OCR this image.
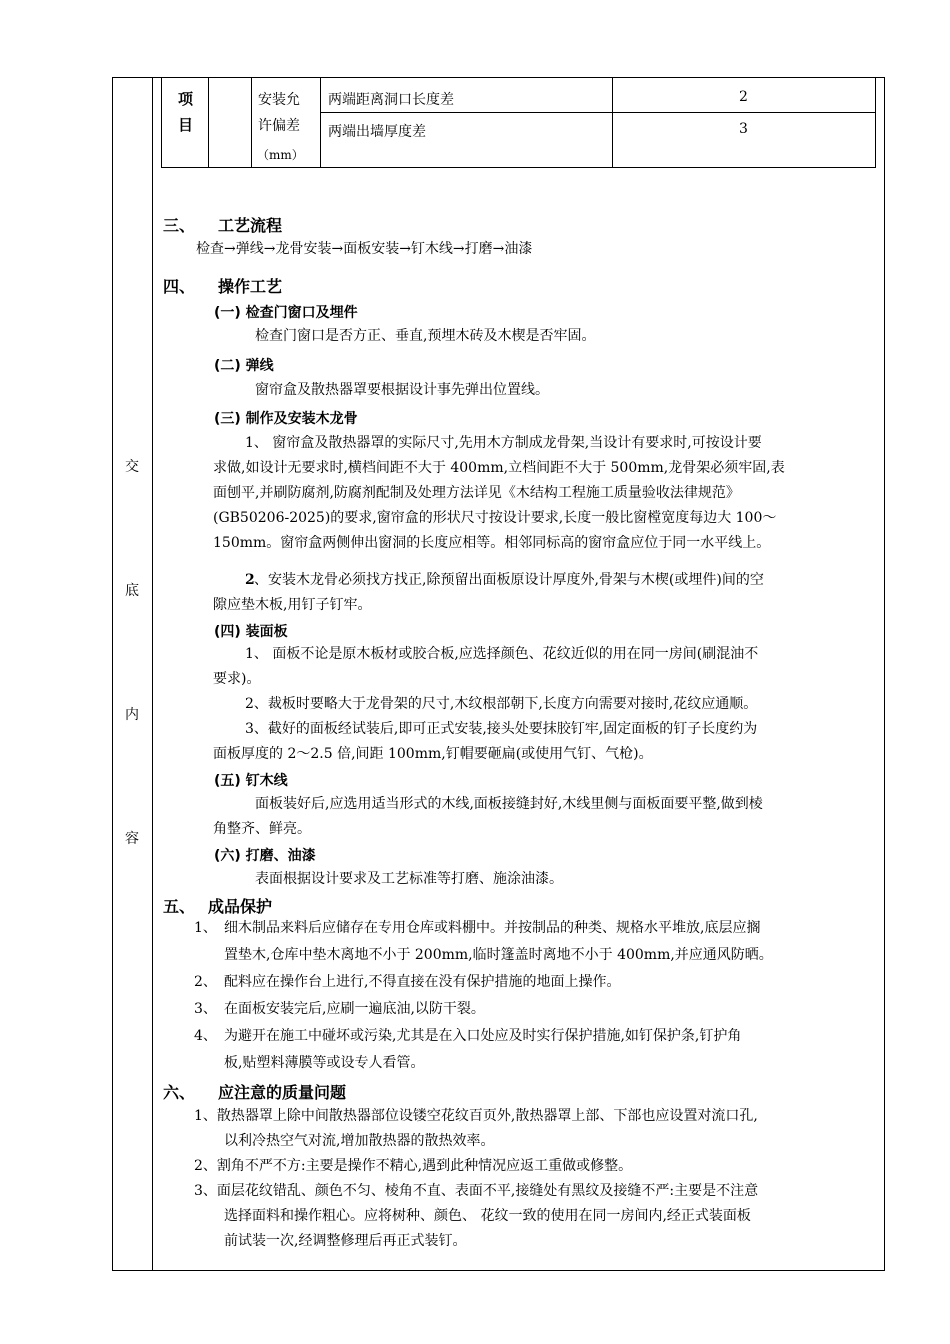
交
底
内
容
项
目
安装允
许偏差
（mm）
两端距离洞口长度差	2
两端出墙厚度差	3
三、 工艺流程
检查→弹线→龙骨安装→面板安装→钉木线→打磨→油漆
四、 操作工艺
(一) 检查门窗口及埋件
检查门窗口是否方正、垂直,预埋木砖及木楔是否牢固。
(二) 弹线
窗帘盒及散热器罩要根据设计事先弹出位置线。
(三) 制作及安装木龙骨
1、 窗帘盒及散热器罩的实际尺寸,先用木方制成龙骨架,当设计有要求时,可按设计要
求做,如设计无要求时,横档间距不大于 400mm,立档间距不大于 500mm,龙骨架必须牢固,表
面刨平,并刷防腐剂,防腐剂配制及处理方法详见《木结构工程施工质量验收法律规范》
(GB50206-2025)的要求,窗帘盒的形状尺寸按设计要求,长度一般比窗樘宽度每边大 100～
150mm。窗帘盒两侧伸出窗洞的长度应相等。相邻同标高的窗帘盒应位于同一水平线上。
2 、安装木龙骨必须找方找正,除预留出面板原设计厚度外,骨架与木楔(或埋件)间的空
隙应垫木板,用钉子钉牢。
(四) 装面板
1、 面板不论是原木板材或胶合板,应选择颜色、花纹近似的用在同一房间(刷混油不
要求)。
2、裁板时要略大于龙骨架的尺寸,木纹根部朝下,长度方向需要对接时,花纹应通顺。
3、截好的面板经试装后,即可正式安装,接头处要抹胶钉牢,固定面板的钉子长度约为
面板厚度的 2～2.5 倍,间距 100mm,钉帽要砸扁(或使用气钉、气枪)。
(五) 钉木线
面板装好后,应选用适当形式的木线,面板接缝封好,木线里侧与面板面要平整,做到棱
角整齐、鲜亮。
(六) 打磨、油漆
表面根据设计要求及工艺标准等打磨、施涂油漆。
五、 成品保护
1、 细木制品来料后应储存在专用仓库或料棚中。并按制品的种类、规格水平堆放,底层应搁
置垫木,仓库中垫木离地不小于 200mm,临时篷盖时离地不小于 400mm,并应通风防晒。
2、 配料应在操作台上进行,不得直接在没有保护措施的地面上操作。
3、 在面板安装完后,应刷一遍底油,以防干裂。
4、 为避开在施工中碰坏或污染,尤其是在入口处应及时实行保护措施,如钉保护条,钉护角
板,贴塑料薄膜等或设专人看管。
六、 应注意的质量问题
1、散热器罩上除中间散热器部位设镂空花纹百页外,散热器罩上部、下部也应设置对流口孔,
以利冷热空气对流,增加散热器的散热效率。
2、割角不严不方:主要是操作不精心,遇到此种情况应返工重做或修整。
3、面层花纹错乱、颜色不匀、棱角不直、表面不平,接缝处有黑纹及接缝不严:主要是不注意
选择面料和操作粗心。应将树种、颜色、 花纹一致的使用在同一房间内,经正式装面板
前试装一次,经调整修理后再正式装钉。
